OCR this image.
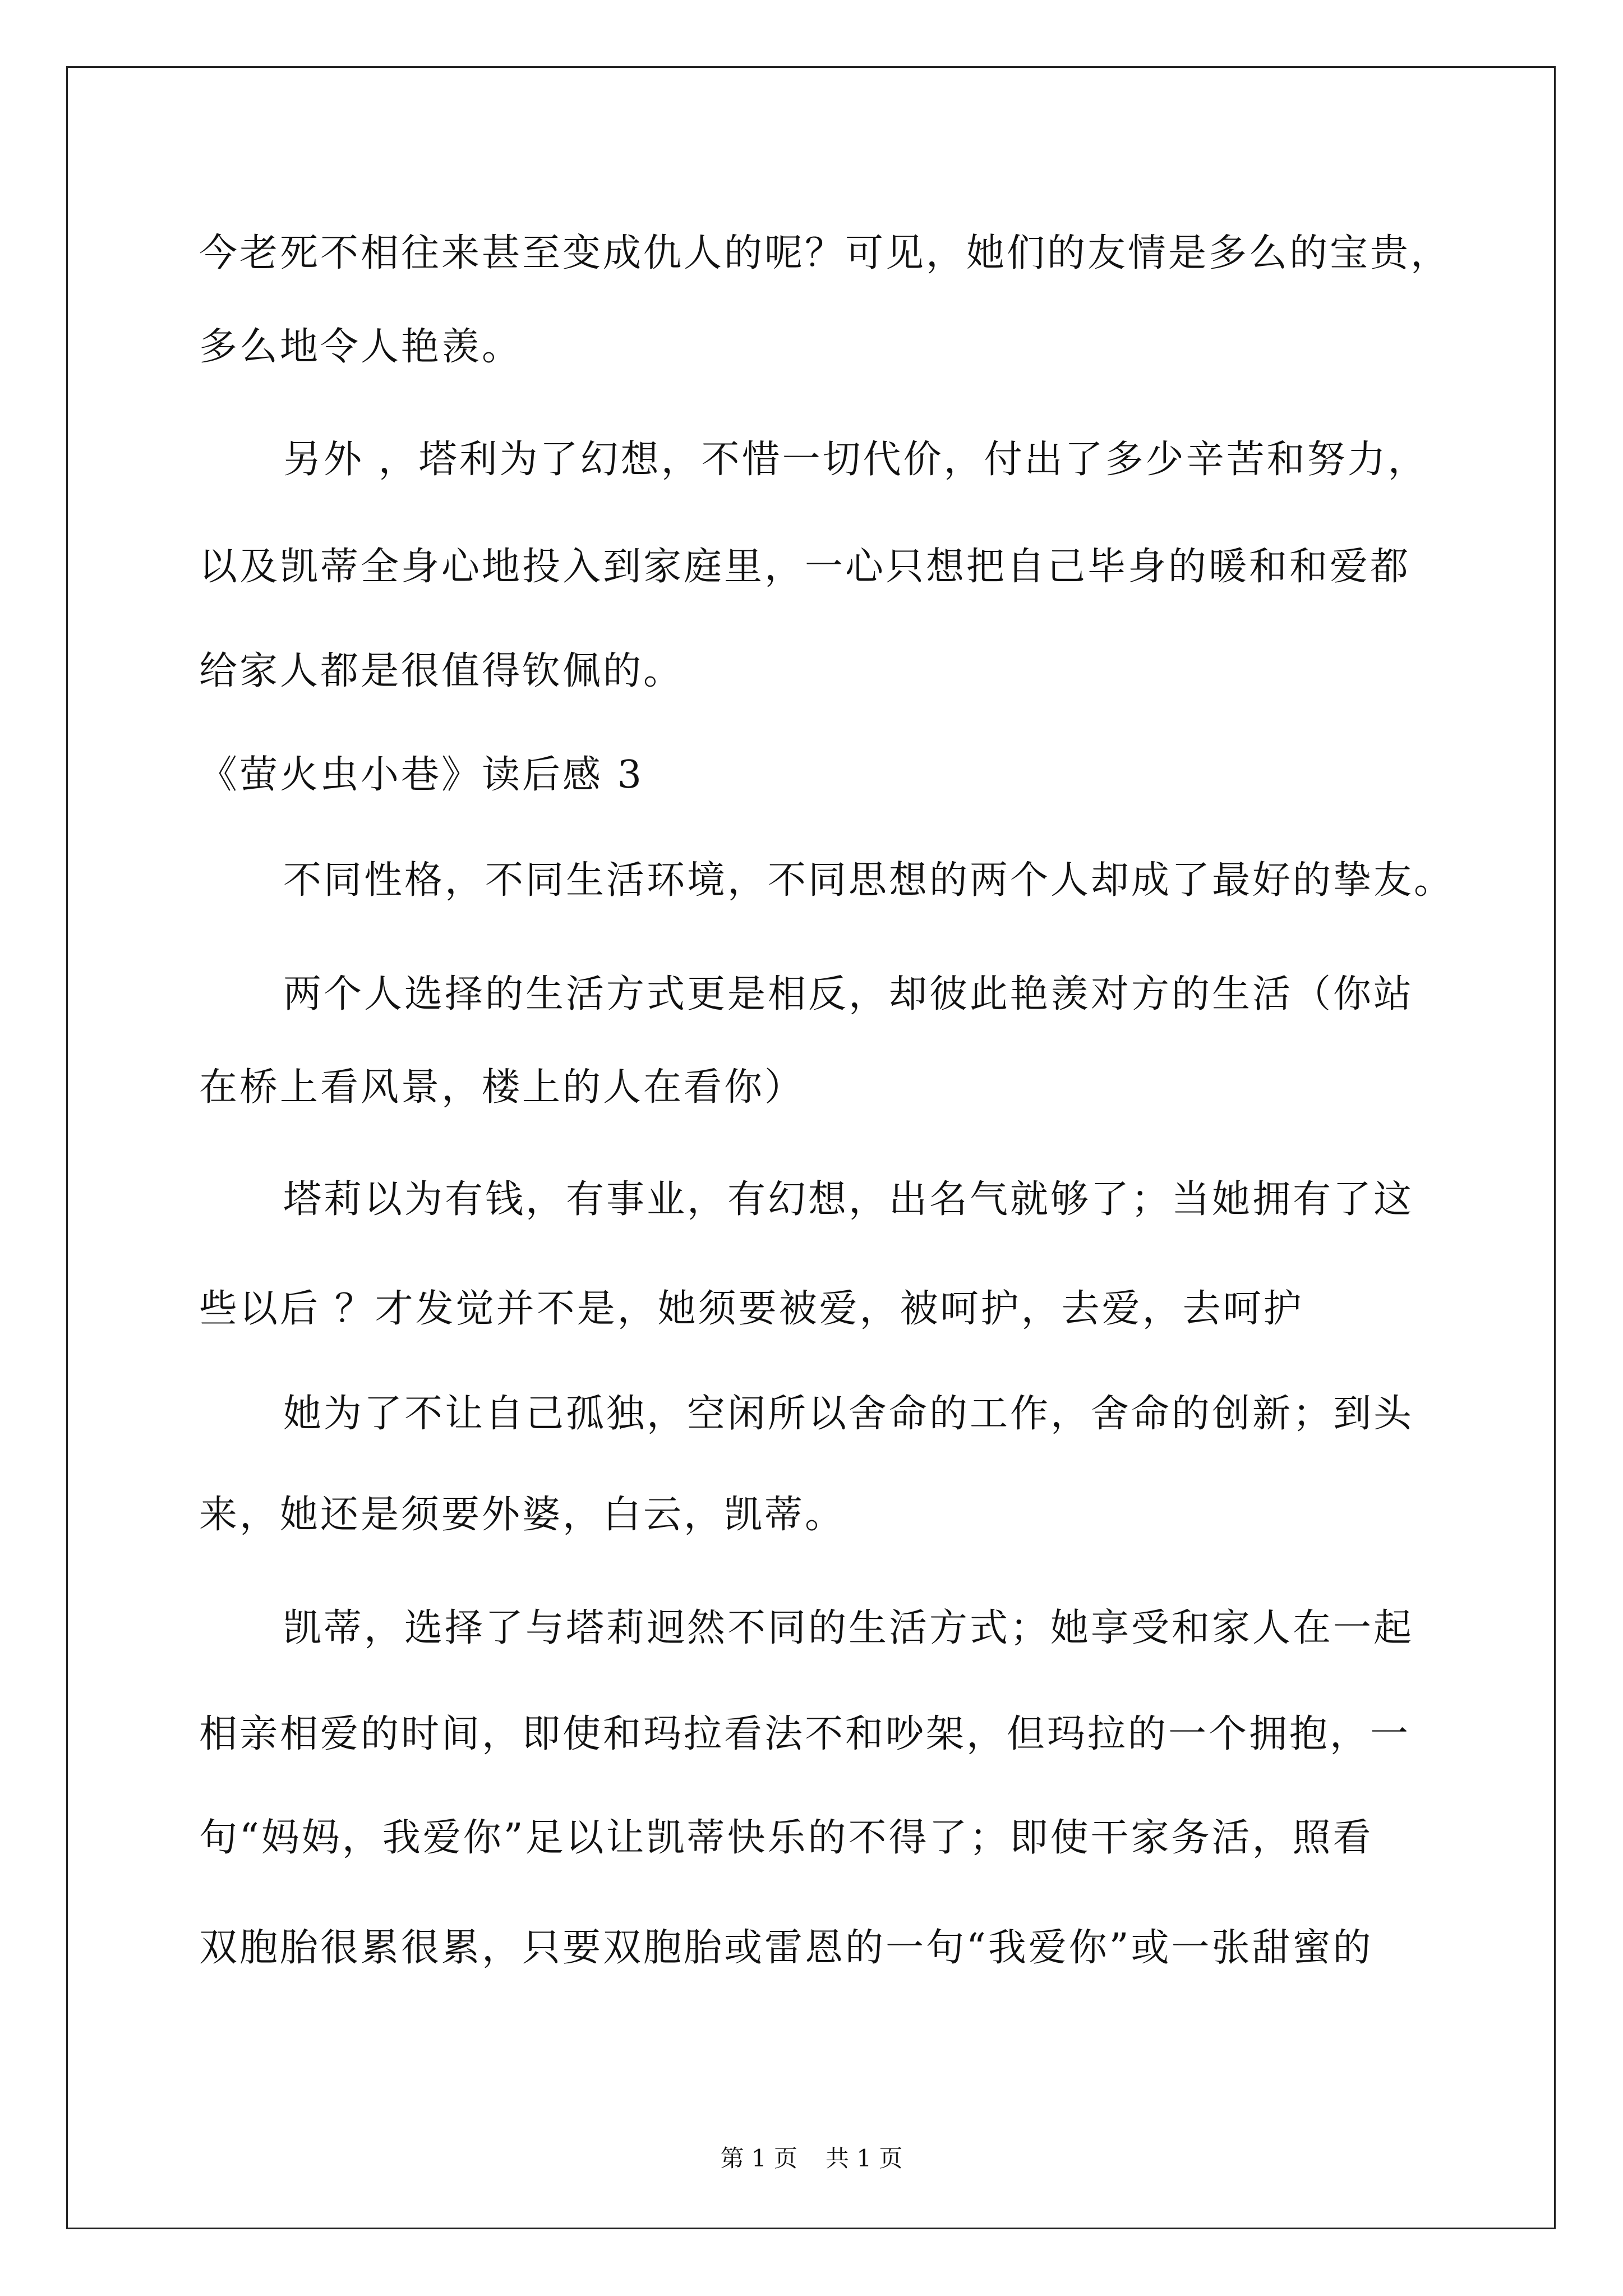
今老死不相往来甚至变成仇人的呢？可见，她们的友情是多么的宝贵，
多么地令人艳羡。
另外 ，塔利为了幻想，不惜一切代价，付出了多少辛苦和努力，
以及凯蒂全身心地投入到家庭里，一心只想把自己毕身的暖和和爱都
给家人都是很值得钦佩的。
《萤火虫小巷》读后感 3
不同性格，不同生活环境，不同思想的两个人却成了最好的挚友。
两个人选择的生活方式更是相反，却彼此艳羡对方的生活（你站
在桥上看风景，楼上的人在看你）
塔莉以为有钱，有事业，有幻想，出名气就够了；当她拥有了这
些以后 ？才发觉并不是，她须要被爱，被呵护，去爱，去呵护
她为了不让自己孤独，空闲所以舍命的工作，舍命的创新；到头
来，她还是须要外婆，白云，凯蒂。
凯蒂，选择了与塔莉迥然不同的生活方式；她享受和家人在一起
相亲相爱的时间，即使和玛拉看法不和吵架，但玛拉的一个拥抱，一
句“妈妈，我爱你”足以让凯蒂快乐的不得了；即使干家务活，照看
双胞胎很累很累，只要双胞胎或雷恩的一句“我爱你”或一张甜蜜的
第 1 页 共 1 页
